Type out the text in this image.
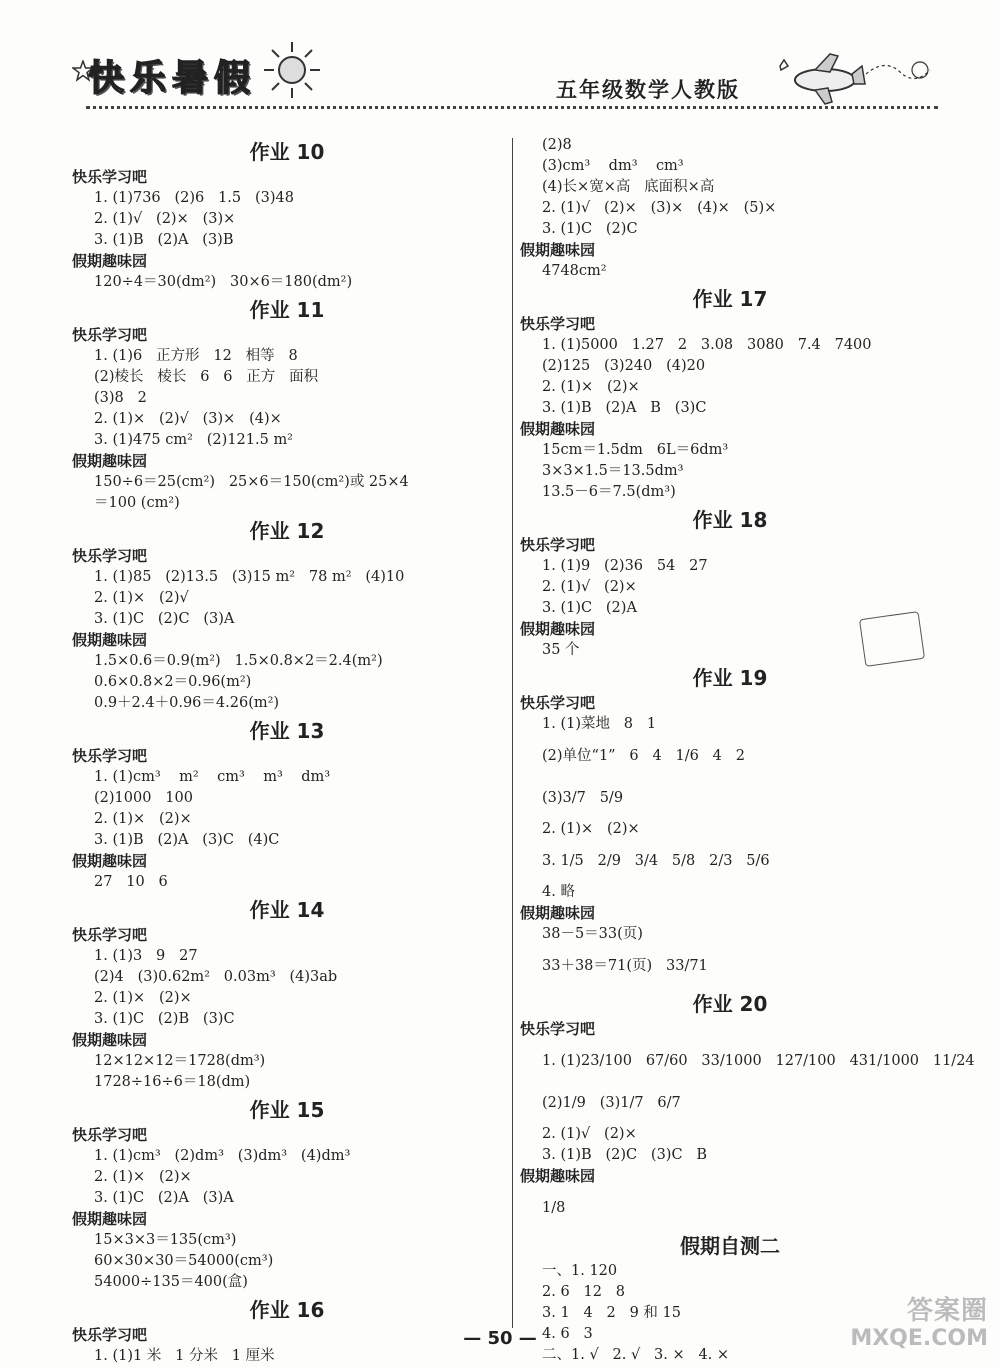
快乐暑假	五年级数学人教版
作业 10
快乐学习吧
1. (1)736   (2)6   1.5   (3)48
2. (1)√   (2)×   (3)×
3. (1)B   (2)A   (3)B
假期趣味园
120÷4＝30(dm²)   30×6＝180(dm²)
作业 11
快乐学习吧
1. (1)6   正方形   12   相等   8
(2)棱长   棱长   6   6   正方   面积
(3)8   2
2. (1)×   (2)√   (3)×   (4)×
3. (1)475 cm²   (2)121.5 m²
假期趣味园
150÷6＝25(cm²)   25×6＝150(cm²)或 25×4
＝100 (cm²)
作业 12
快乐学习吧
1. (1)85   (2)13.5   (3)15 m²   78 m²   (4)10
2. (1)×   (2)√
3. (1)C   (2)C   (3)A
假期趣味园
1.5×0.6＝0.9(m²)   1.5×0.8×2＝2.4(m²)
0.6×0.8×2＝0.96(m²)
0.9＋2.4＋0.96＝4.26(m²)
作业 13
快乐学习吧
1. (1)cm³    m²    cm³    m³    dm³
(2)1000   100
2. (1)×   (2)×
3. (1)B   (2)A   (3)C   (4)C
假期趣味园
27   10   6
作业 14
快乐学习吧
1. (1)3   9   27
(2)4   (3)0.62m²   0.03m³   (4)3ab
2. (1)×   (2)×
3. (1)C   (2)B   (3)C
假期趣味园
12×12×12＝1728(dm³)
1728÷16÷6＝18(dm)
作业 15
快乐学习吧
1. (1)cm³   (2)dm³   (3)dm³   (4)dm³
2. (1)×   (2)×
3. (1)C   (2)A   (3)A
假期趣味园
15×3×3＝135(cm³)
60×30×30＝54000(cm³)
54000÷135＝400(盒)
作业 16
快乐学习吧
1. (1)1 米   1 分米   1 厘米
(2)8
(3)cm³    dm³    cm³
(4)长×宽×高   底面积×高
2. (1)√   (2)×   (3)×   (4)×   (5)×
3. (1)C   (2)C
假期趣味园
4748cm²
作业 17
快乐学习吧
1. (1)5000   1.27   2   3.08   3080   7.4   7400
(2)125   (3)240   (4)20
2. (1)×   (2)×
3. (1)B   (2)A   B   (3)C
假期趣味园
15cm＝1.5dm   6L＝6dm³
3×3×1.5＝13.5dm³
13.5－6＝7.5(dm³)
作业 18
快乐学习吧
1. (1)9   (2)36   54   27
2. (1)√   (2)×
3. (1)C   (2)A
假期趣味园
35 个
作业 19
快乐学习吧
1. (1)菜地   8   1
(2)单位“1”   6   4   1/6   4   2
(3)3/7   5/9
2. (1)×   (2)×
3. 1/5   2/9   3/4   5/8   2/3   5/6
4. 略
假期趣味园
38－5＝33(页)
33＋38＝71(页)   33/71
作业 20
快乐学习吧
1. (1)23/100   67/60   33/1000   127/100   431/1000   11/24
(2)1/9   (3)1/7   6/7
2. (1)√   (2)×
3. (1)B   (2)C   (3)C   B
假期趣味园
1/8
假期自测二
一、1. 120
2. 6   12   8
3. 1   4   2   9 和 15
4. 6   3
二、1. √   2. √   3. ×   4. ×
— 50 —
答案圈
MXQE.COM
